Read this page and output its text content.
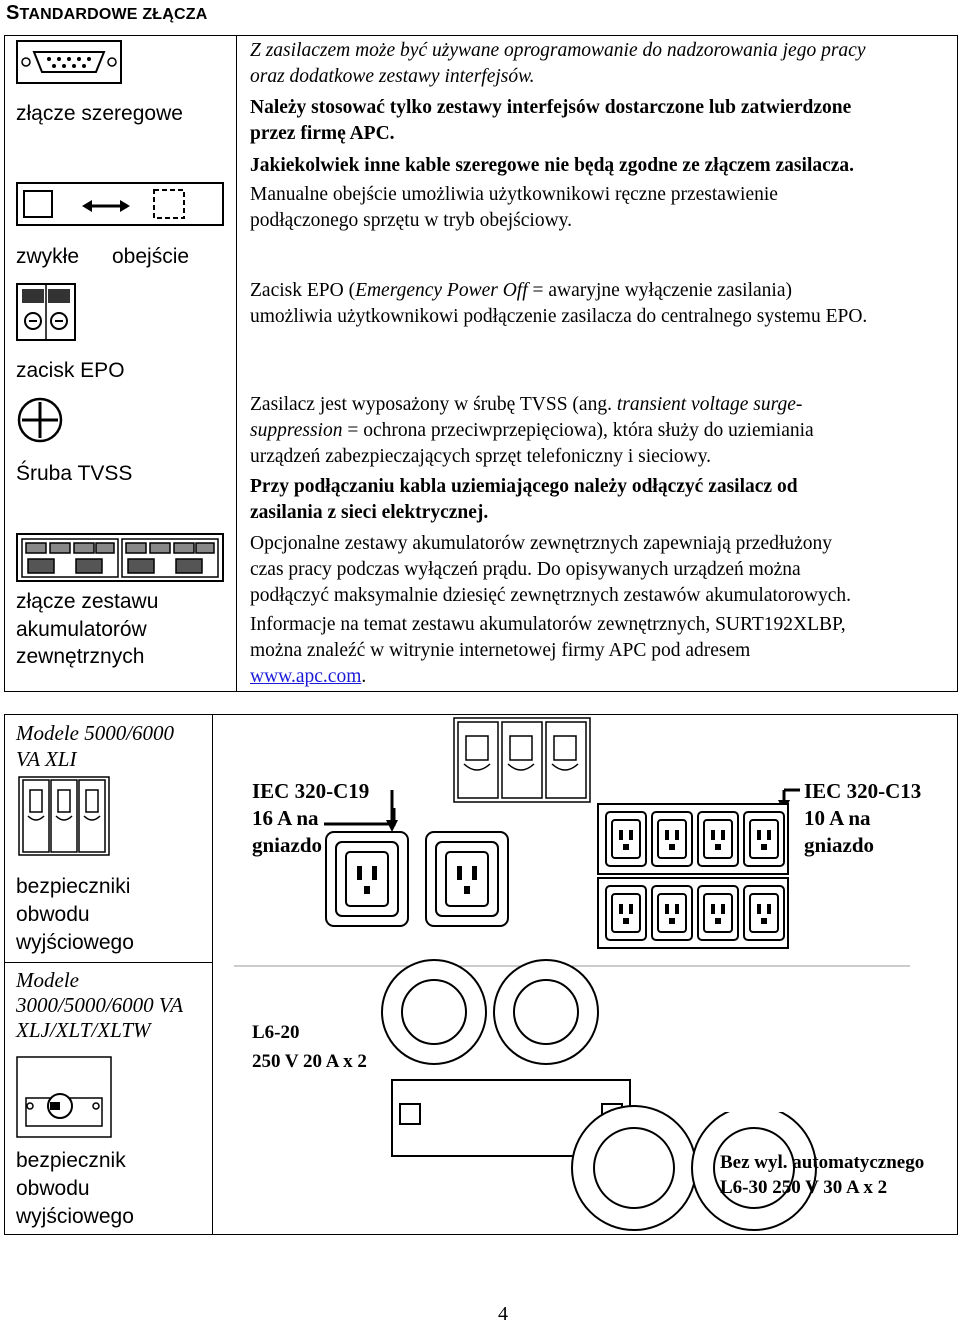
STANDARDOWE ZŁĄCZA
złącze szeregowe
zwykłe obejście
zacisk EPO
Śruba TVSS
złącze zestawu
akumulatorów
zewnętrznych
Z zasilaczem może być używane oprogramowanie do nadzorowania jego pracy
oraz dodatkowe zestawy interfejsów.
Należy stosować tylko zestawy interfejsów dostarczone lub zatwierdzone
przez firmę APC.
Jakiekolwiek inne kable szeregowe nie będą zgodne ze złączem zasilacza.
Manualne obejście umożliwia użytkownikowi ręczne przestawienie
podłączonego sprzętu w tryb obejściowy.
Zacisk EPO (Emergency Power Off = awaryjne wyłączenie zasilania)
umożliwia użytkownikowi podłączenie zasilacza do centralnego systemu EPO.
Zasilacz jest wyposażony w śrubę TVSS (ang. transient voltage surge-
suppression = ochrona przeciwprzepięciowa), która służy do uziemiania
urządzeń zabezpieczających sprzęt telefoniczny i sieciowy.
Przy podłączaniu kabla uziemiającego należy odłączyć zasilacz od
zasilania z sieci elektrycznej.
Opcjonalne zestawy akumulatorów zewnętrznych zapewniają przedłużony
czas pracy podczas wyłączeń prądu. Do opisywanych urządzeń można
podłączyć maksymalnie dziesięć zewnętrznych zestawów akumulatorowych.
Informacje na temat zestawu akumulatorów zewnętrznych, SURT192XLBP,
można znaleźć w witrynie internetowej firmy APC pod adresem
www.apc.com.
Modele 5000/6000
VA XLI
bezpieczniki
obwodu
wyjściowego
Modele
3000/5000/6000 VA
XLJ/XLT/XLTW
bezpiecznik
obwodu
wyjściowego
IEC 320-C19
16 A na
gniazdo
IEC 320-C13
10 A na
gniazdo
L6-20
250 V 20 A x 2
Bez wyl. automatycznego
L6-30 250 V 30 A x 2
4
